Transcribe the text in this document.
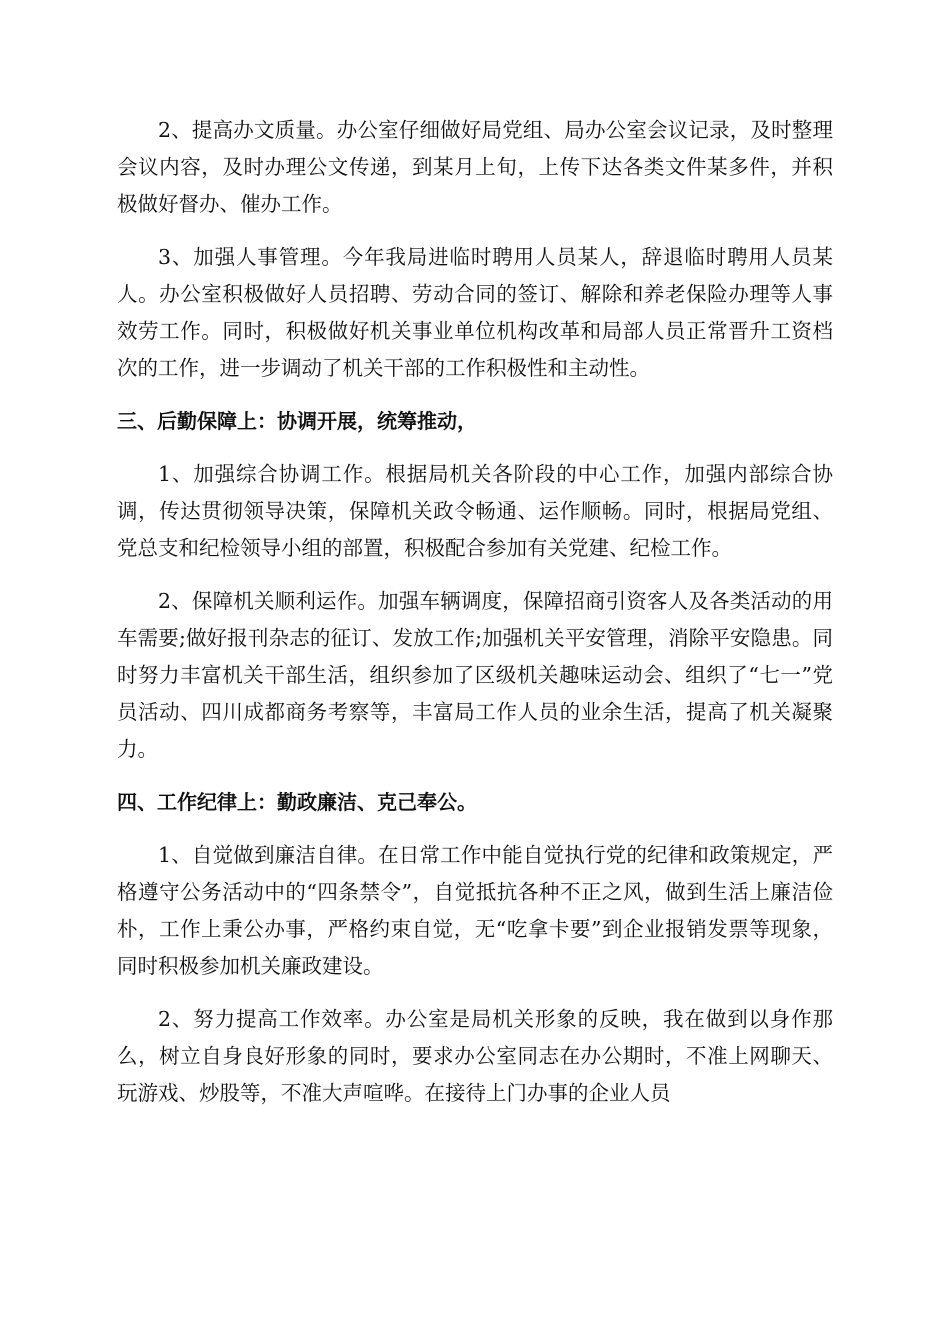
2、提高办文质量。办公室仔细做好局党组、局办公室会议记录，及时整理会议内容，及时办理公文传递，到某月上旬，上传下达各类文件某多件，并积极做好督办、催办工作。

3、加强人事管理。今年我局进临时聘用人员某人，辞退临时聘用人员某人。办公室积极做好人员招聘、劳动合同的签订、解除和养老保险办理等人事效劳工作。同时，积极做好机关事业单位机构改革和局部人员正常晋升工资档次的工作，进一步调动了机关干部的工作积极性和主动性。

三、后勤保障上：协调开展，统筹推动，

1、加强综合协调工作。根据局机关各阶段的中心工作，加强内部综合协调，传达贯彻领导决策，保障机关政令畅通、运作顺畅。同时，根据局党组、党总支和纪检领导小组的部置，积极配合参加有关党建、纪检工作。

2、保障机关顺利运作。加强车辆调度，保障招商引资客人及各类活动的用车需要;做好报刊杂志的征订、发放工作;加强机关平安管理，消除平安隐患。同时努力丰富机关干部生活，组织参加了区级机关趣味运动会、组织了“七一”党员活动、四川成都商务考察等，丰富局工作人员的业余生活，提高了机关凝聚力。

四、工作纪律上：勤政廉洁、克己奉公。

1、自觉做到廉洁自律。在日常工作中能自觉执行党的纪律和政策规定，严格遵守公务活动中的“四条禁令”，自觉抵抗各种不正之风，做到生活上廉洁俭朴，工作上秉公办事，严格约束自觉，无“吃拿卡要”到企业报销发票等现象，同时积极参加机关廉政建设。

2、努力提高工作效率。办公室是局机关形象的反映，我在做到以身作那么，树立自身良好形象的同时，要求办公室同志在办公期时，不准上网聊天、玩游戏、炒股等，不准大声喧哗。在接待上门办事的企业人员
